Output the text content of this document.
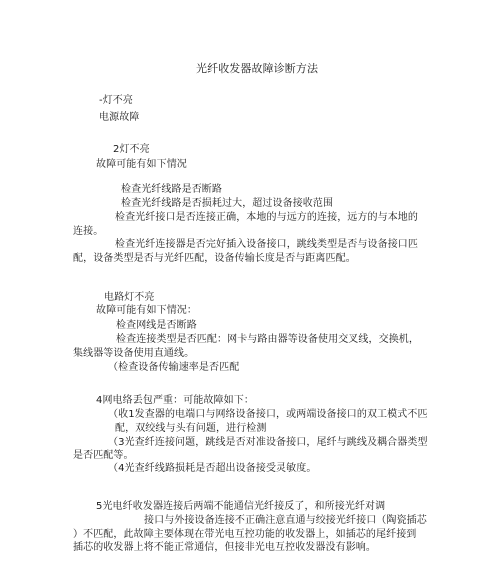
光纤收发器故障诊断方法
-灯不亮
电源故障
2灯不亮
故障可能有如下情况
检查光纤线路是否断路
检查光纤线路是否损耗过大，超过设备接收范围
检查光纤接口是否连接正确，本地的与远方的连接，远方的与本地的
连接。
检查光纤连接器是否完好插入设备接口，跳线类型是否与设备接口匹
配，设备类型是否与光纤匹配，设备传输长度是否与距离匹配。
电路灯不亮
故障可能有如下情况：
检查网线是否断路
检查连接类型是否匹配：网卡与路由器等设备使用交叉线，交换机，
集线器等设备使用直通线。
（检查设备传输速率是否匹配
4网电络丢包严重：可能故障如下：
（收1发查器的电端口与网络设备接口，或两端设备接口的双工模式不匹
配，双绞线与头有问题，进行检测
（3光查纤连接问题，跳线是否对准设备接口，尾纤与跳线及耦合器类型
是否匹配等。
（4光查纤线路损耗是否超出设备接受灵敏度。
5光电纤收发器连接后两端不能通信光纤接反了，和所接光纤对调
接口与外接设备连接不正确注意直通与绞接光纤接口（陶瓷插芯
）不匹配，此故障主要体现在带光电互控功能的收发器上，如插芯的尾纤接到
插芯的收发器上将不能正常通信，但接非光电互控收发器没有影响。
